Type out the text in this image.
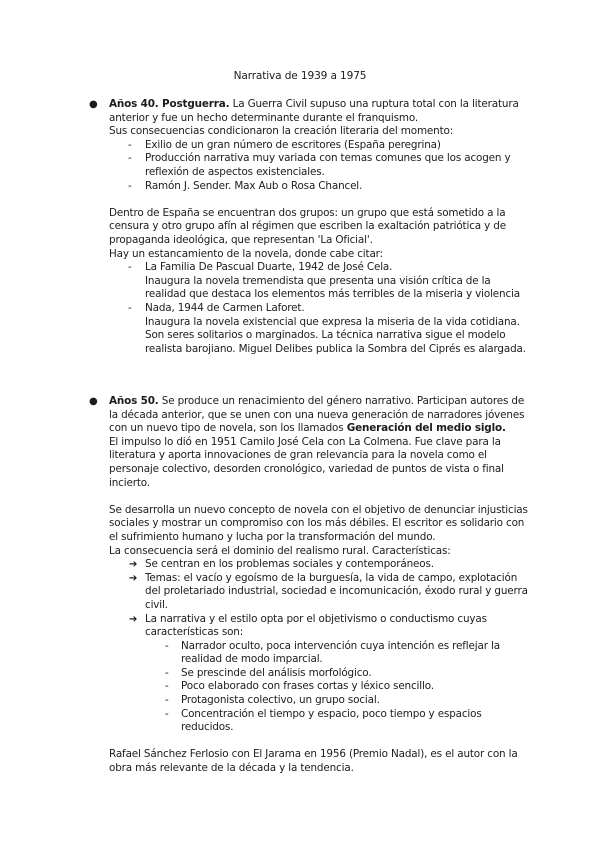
Narrativa de 1939 a 1975
● Años 40. Postguerra. La Guerra Civil supuso una ruptura total con la literatura anterior y fue un hecho determinante durante el franquismo.
Sus consecuencias condicionaron la creación literaria del momento:
- Exilio de un gran número de escritores (España peregrina)
- Producción narrativa muy variada con temas comunes que los acogen y reflexión de aspectos existenciales.
- Ramón J. Sender. Max Aub o Rosa Chancel.
Dentro de España se encuentran dos grupos: un grupo que está sometido a la censura y otro grupo afín al régimen que escriben la exaltación patriótica y de propaganda ideológica, que representan 'La Oficial'.
Hay un estancamiento de la novela, donde cabe citar:
- La Familia De Pascual Duarte, 1942 de José Cela.
Inaugura la novela tremendista que presenta una visión crítica de la realidad que destaca los elementos más terribles de la miseria y violencia
- Nada, 1944 de Carmen Laforet.
Inaugura la novela existencial que expresa la miseria de la vida cotidiana. Son seres solitarios o marginados. La técnica narrativa sigue el modelo realista barojiano. Miguel Delibes publica la Sombra del Ciprés es alargada.
● Años 50. Se produce un renacimiento del género narrativo. Participan autores de la década anterior, que se unen con una nueva generación de narradores jóvenes con un nuevo tipo de novela, son los llamados Generación del medio siglo.
El impulso lo dió en 1951 Camilo José Cela con La Colmena. Fue clave para la literatura y aporta innovaciones de gran relevancia para la novela como el personaje colectivo, desorden cronológico, variedad de puntos de vista o final incierto.
Se desarrolla un nuevo concepto de novela con el objetivo de denunciar injusticias sociales y mostrar un compromiso con los más débiles. El escritor es solidario con el sufrimiento humano y lucha por la transformación del mundo.
La consecuencia será el dominio del realismo rural. Características:
➔ Se centran en los problemas sociales y contemporáneos.
➔ Temas: el vacío y egoísmo de la burguesía, la vida de campo, explotación del proletariado industrial, sociedad e incomunicación, éxodo rural y guerra civil.
➔ La narrativa y el estilo opta por el objetivismo o conductismo cuyas características son:
- Narrador oculto, poca intervención cuya intención es reflejar la realidad de modo imparcial.
- Se prescinde del análisis morfológico.
- Poco elaborado con frases cortas y léxico sencillo.
- Protagonista colectivo, un grupo social.
- Concentración el tiempo y espacio, poco tiempo y espacios reducidos.
Rafael Sánchez Ferlosio con El Jarama en 1956 (Premio Nadal), es el autor con la obra más relevante de la década y la tendencia.
